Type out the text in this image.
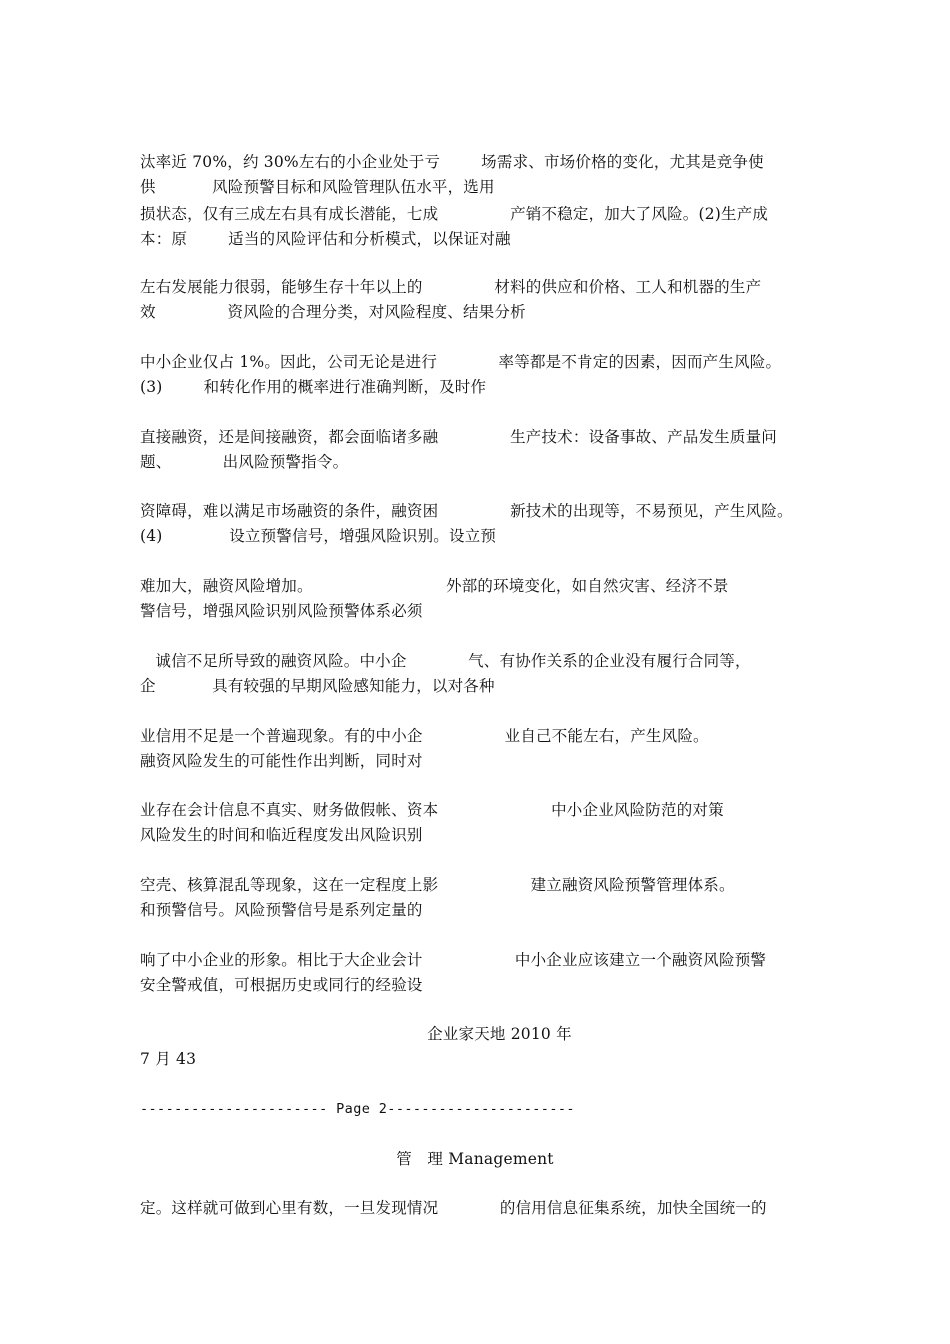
汰率近 70%，约 30%左右的小企业处于亏        场需求、市场价格的变化，尤其是竞争使

供           风险预警目标和风险管理队伍水平，选用

损状态，仅有三成左右具有成长潜能，七成              产销不稳定，加大了风险。(2)生产成

本：原        适当的风险评估和分析模式，以保证对融

左右发展能力很弱，能够生存十年以上的              材料的供应和价格、工人和机器的生产

效              资风险的合理分类，对风险程度、结果分析

中小企业仅占 1%。因此，公司无论是进行            率等都是不肯定的因素，因而产生风险。

(3)        和转化作用的概率进行准确判断，及时作

直接融资，还是间接融资，都会面临诸多融              生产技术：设备事故、产品发生质量问

题、          出风险预警指令。

资障碍，难以满足市场融资的条件，融资困              新技术的出现等，不易预见，产生风险。

(4)             设立预警信号，增强风险识别。设立预

难加大，融资风险增加。                          外部的环境变化，如自然灾害、经济不景

警信号，增强风险识别风险预警体系必须

诚信不足所导致的融资风险。中小企            气、有协作关系的企业没有履行合同等，

企           具有较强的早期风险感知能力，以对各种

业信用不足是一个普遍现象。有的中小企                业自己不能左右，产生风险。

融资风险发生的可能性作出判断，同时对

业存在会计信息不真实、财务做假帐、资本                      中小企业风险防范的对策

风险发生的时间和临近程度发出风险识别

空壳、核算混乱等现象，这在一定程度上影                  建立融资风险预警管理体系。

和预警信号。风险预警信号是系列定量的

响了中小企业的形象。相比于大企业会计                  中小企业应该建立一个融资风险预警

安全警戒值，可根据历史或同行的经验设

企业家天地 2010 年

7 月 43

---------------------- Page 2----------------------

管   理 Management

定。这样就可做到心里有数，一旦发现情况            的信用信息征集系统，加快全国统一的
